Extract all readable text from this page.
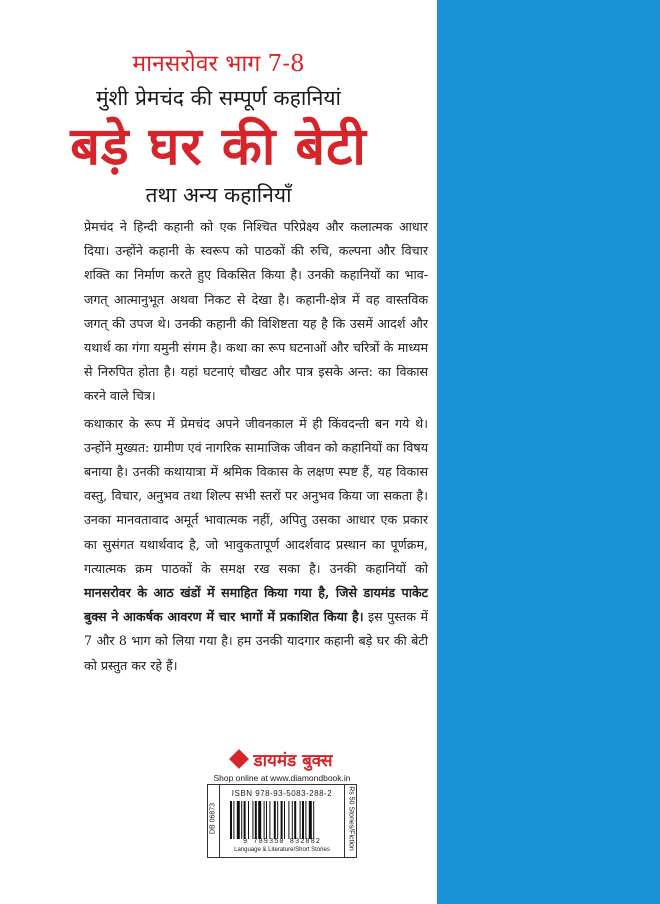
मानसरोवर भाग 7-8
मुंशी प्रेमचंद की सम्पूर्ण कहानियां
बड़े घर की बेटी
तथा अन्य कहानियाँ

प्रेमचंद ने हिन्दी कहानी को एक निश्चित परिप्रेक्ष्य और कलात्मक आधार दिया। उन्होंने कहानी के स्वरूप को पाठकों की रुचि, कल्पना और विचार शक्ति का निर्माण करते हुए विकसित किया है। उनकी कहानियों का भाव-जगत् आत्मानुभूत अथवा निकट से देखा है। कहानी-क्षेत्र में वह वास्तविक जगत् की उपज थे। उनकी कहानी की विशिष्टता यह है कि उसमें आदर्श और यथार्थ का गंगा यमुनी संगम है। कथा का रूप घटनाओं और चरित्रों के माध्यम से निरुपित होता है। यहां घटनाएं चौखट और पात्र इसके अन्त: का विकास करने वाले चित्र।

कथाकार के रूप में प्रेमचंद अपने जीवनकाल में ही किंवदन्ती बन गये थे। उन्होंने मुख्यत: ग्रामीण एवं नागरिक सामाजिक जीवन को कहानियों का विषय बनाया है। उनकी कथायात्रा में श्रमिक विकास के लक्षण स्पष्ट हैं, यह विकास वस्तु, विचार, अनुभव तथा शिल्प सभी स्तरों पर अनुभव किया जा सकता है। उनका मानवतावाद अमूर्त भावात्मक नहीं, अपितु उसका आधार एक प्रकार का सुसंगत यथार्थवाद है, जो भावुकतापूर्ण आदर्शवाद प्रस्थान का पूर्णक्रम, गत्यात्मक क्रम पाठकों के समक्ष रख सका है। उनकी कहानियों को मानसरोवर के आठ खंडों में समाहित किया गया है, जिसे डायमंड पाकेट बुक्स ने आकर्षक आवरण में चार भागों में प्रकाशित किया है। इस पुस्तक में 7 और 8 भाग को लिया गया है। हम उनकी यादगार कहानी बड़े घर की बेटी को प्रस्तुत कर रहे हैं।

डायमंड बुक्स
Shop online at www.diamondbook.in
DB 06873
ISBN 978-93-5083-288-2
9 789350 832882
Language & Literature/Short Stories	Rs 50 Stories/Fiction
